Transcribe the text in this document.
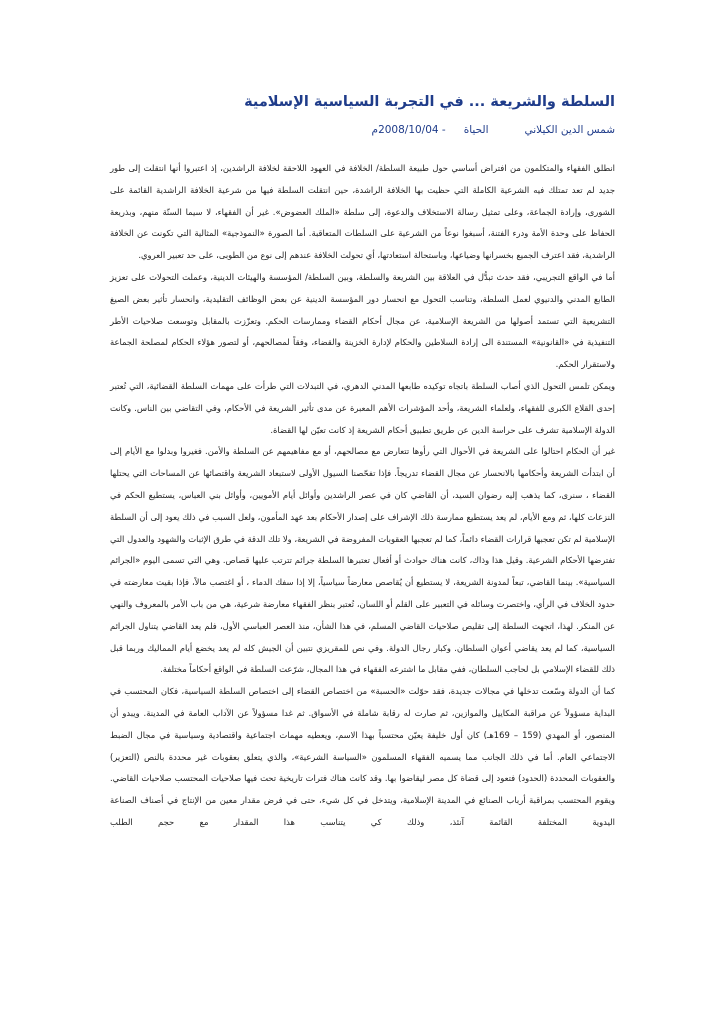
السلطة والشريعة ... في التجربة السياسية الإسلامية
شمس الدين الكيلانيالحياة- 2008/10/04م

انطلق الفقهاء والمتكلمون من افتراض أساسي حول طبيعة السلطة/ الخلافة في العهود اللاحقة لخلافة الراشدين، إذ اعتبروا أنها انتقلت إلى طور جديد لم تعد تمتلك فيه الشرعية الكاملة التي حظيت بها الخلافة الراشدة، حين انتقلت السلطة فيها من شرعية الخلافة الراشدية القائمة على الشورى، وإرادة الجماعة، وعلى تمثيل رسالة الاستخلاف والدعوة، إلى سلطة «الملك العضوض». غير أن الفقهاء، لا سيما السنّة منهم، وبذريعة الحفاظ على وحدة الأمة ودرء الفتنة، أسبغوا نوعاً من الشرعية على السلطات المتعاقبة. أما الصورة «النموذجية» المثالية التي تكونت عن الخلافة الراشدية، فقد اعترف الجميع بخسرانها وضياعها، وباستحالة استعادتها، أي تحولت الخلافة عندهم إلى نوع من الطوبى، على حد تعبير العروي.

أما في الواقع التجريبي، فقد حدث تبدُّل في العلاقة بين الشريعة والسلطة، وبين السلطة/ المؤسسة والهيئات الدينية، وعملت التحولات على تعزيز الطابع المدني والدنيوي لعمل السلطة، وتناسب التحول مع انحسار دور المؤسسة الدينية عن بعض الوظائف التقليدية، وانحسار تأثير بعض الصيغ التشريعية التي تستمد أصولها من الشريعة الإسلامية، عن مجال أحكام القضاء وممارسات الحكم. وتعزّزت بالمقابل وتوسعت صلاحيات الأطر التنفيذية في «القانونية» المستندة الى إرادة السلاطين والحكام لإدارة الخزينة والقضاء، وفقاً لمصالحهم، أو لتصور هؤلاء الحكام لمصلحة الجماعة ولاستقرار الحكم.

ويمكن تلمس التحول الذي أصاب السلطة باتجاه توكيده طابعها المدني الدهري، في التبدلات التي طرأت على مهمات السلطة القضائية، التي تُعتبر إحدى القلاع الكبرى للفقهاء، ولعلماء الشريعة، وأحد المؤشرات الأهم المعبرة عن مدى تأثير الشريعة في الأحكام، وفي التقاضي بين الناس. وكانت الدولة الإسلامية تشرف على حراسة الدين عن طريق تطبيق أحكام الشريعة إذ كانت تعيّن لها القضاة.

غير أن الحكام احتالوا على الشريعة في الأحوال التي رأوها تتعارض مع مصالحهم، أو مع مفاهيمهم عن السلطة والأمن. فغيروا وبدلوا مع الأيام إلى أن ابتدأت الشريعة وأحكامها بالانحسار عن مجال القضاء تدريجاً. فإذا تفحّصنا السيول الأولى لاستبعاد الشريعة واقتصائها عن المساحات التي يحتلها القضاء ، سنرى، كما يذهب إليه رضوان السيد، أن القاضي كان في عصر الراشدين وأوائل أيام الأمويين، وأوائل بني العباس، يستطيع الحكم في النزعات كلها، ثم ومع الأيام، لم يعد يستطيع ممارسة ذلك الإشراف على إصدار الأحكام بعد عهد المأمون، ولعل السبب في ذلك يعود إلى أن السلطة الإسلامية لم تكن تعجبها قرارات القضاء دائماً، كما لم تعجبها العقوبات المفروضة في الشريعة، ولا تلك الدقة في طرق الإثبات والشهود والعدول التي تفترضها الأحكام الشرعية. وقيل هذا وذاك، كانت هناك حوادث أو أفعال تعتبرها السلطة جرائم تترتب عليها قصاص. وهي التي تسمى اليوم «الجرائم السياسية». بينما القاضي، تبعاً لمدونة الشريعة، لا يستطيع أن يُقاصص معارضاً سياسياً، إلا إذا سفك الدماء ، أو اغتصب مالاً، فإذا بقيت معارضته في حدود الخلاف في الرأي، واختصرت وسائله في التعبير على القلم أو اللسان، تُعتبر بنظر الفقهاء معارضة شرعية، هي من باب الأمر بالمعروف والنهي عن المنكر. لهذا، اتجهت السلطة إلى تقليص صلاحيات القاضي المسلم، في هذا الشأن، منذ العصر العباسي الأول، فلم يعد القاضي يتناول الجرائم السياسية، كما لم يعد يقاضي أعوان السلطان. وكبار رجال الدولة. وفي نص للمقريزي نتبين أن الجيش كله لم يعد يخضع أيام المماليك وربما قبل ذلك للقضاء الإسلامي بل لحاجب السلطان، ففي مقابل ما اشترعه الفقهاء في هذا المجال، شرّعت السلطة في الواقع أحكاماً مختلفة.

كما أن الدولة وسّعت تدخلها في مجالات جديدة، فقد حوّلت «الحسبة» من اختصاص القضاء إلى اختصاص السلطة السياسية، فكان المحتسب في البداية مسؤولاً عن مراقبة المكاييل والموازين، ثم صارت له رقابة شاملة في الأسواق. ثم غدا مسؤولاً عن الآداب العامة في المدينة. ويبدو أن المنصور، أو المهدي (159 – 169هـ) كان أول خليفة يعيّن محتسباً بهذا الاسم، ويعطيه مهمات اجتماعية واقتصادية وسياسية في مجال الضبط الاجتماعي العام. أما في ذلك الجانب مما يسميه الفقهاء المسلمون «السياسة الشرعية»، والذي يتعلق بعقوبات غير محددة بالنص (التعزير) والعقوبات المحددة (الحدود) فتعود إلى قضاة كل مصر ليقاضوا بها. وقد كانت هناك فترات تاريخية تحت فيها صلاحيات المحتسب صلاحيات القاضي. ويقوم المحتسب بمراقبة أرباب الصنائع في المدينة الإسلامية، ويتدخل في كل شيء، حتى في فرض مقدار معين من الإنتاج في أصناف الصناعة اليدوية المختلفة القائمة آنئذ، وذلك كي يتناسب هذا المقدار مع حجم الطلب
